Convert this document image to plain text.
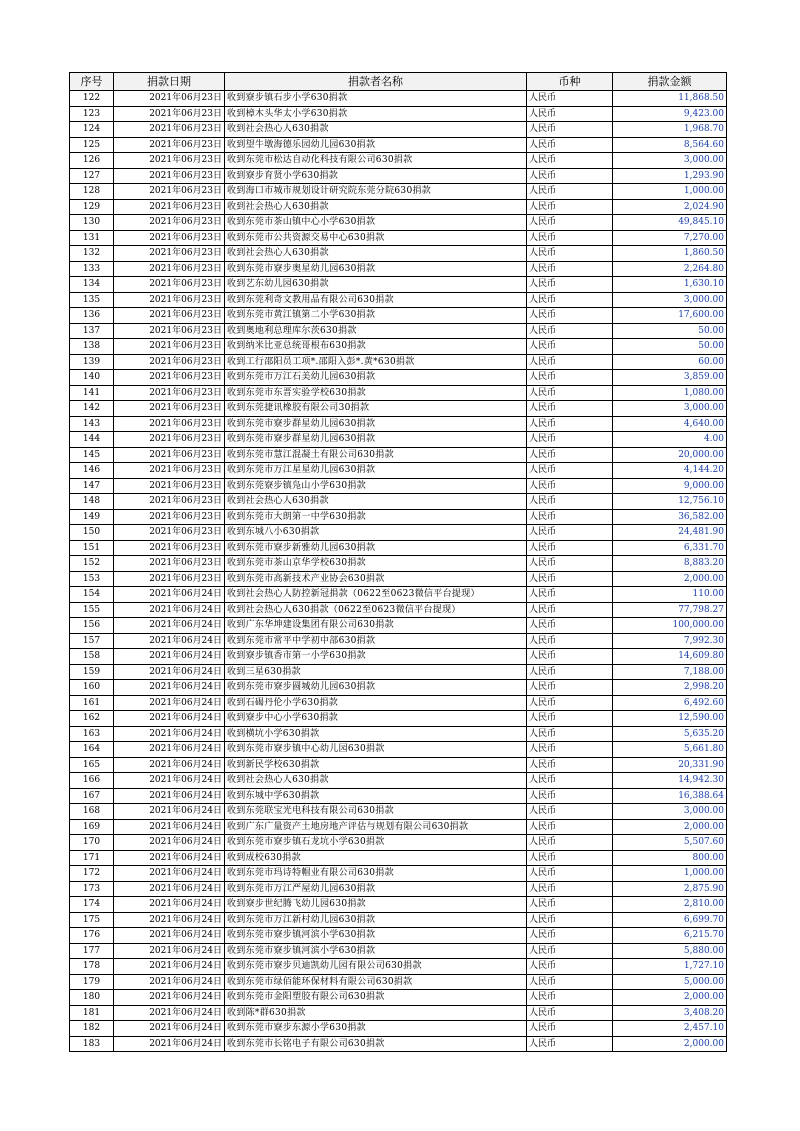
序号	捐款日期	捐款者名称	币种	捐款金额
122	2021年06月23日	收到寮步镇石步小学630捐款	人民币	11,868.50
123	2021年06月23日	收到樟木头华太小学630捐款	人民币	9,423.00
124	2021年06月23日	收到社会热心人630捐款	人民币	1,968.70
125	2021年06月23日	收到望牛墩海德乐园幼儿园630捐款	人民币	8,564.60
126	2021年06月23日	收到东莞市松达自动化科技有限公司630捐款	人民币	3,000.00
127	2021年06月23日	收到寮步育贤小学630捐款	人民币	1,293.90
128	2021年06月23日	收到海口市城市规划设计研究院东莞分院630捐款	人民币	1,000.00
129	2021年06月23日	收到社会热心人630捐款	人民币	2,024.90
130	2021年06月23日	收到东莞市茶山镇中心小学630捐款	人民币	49,845.10
131	2021年06月23日	收到东莞市公共资源交易中心630捐款	人民币	7,270.00
132	2021年06月23日	收到社会热心人630捐款	人民币	1,860.50
133	2021年06月23日	收到东莞市寮步奥星幼儿园630捐款	人民币	2,264.80
134	2021年06月23日	收到艺东幼儿园630捐款	人民币	1,630.10
135	2021年06月23日	收到东莞利奇文教用品有限公司630捐款	人民币	3,000.00
136	2021年06月23日	收到东莞市黄江镇第二小学630捐款	人民币	17,600.00
137	2021年06月23日	收到奥地利总理库尔茨630捐款	人民币	50.00
138	2021年06月23日	收到纳米比亚总统哥根布630捐款	人民币	50.00
139	2021年06月23日	收到工行邵阳员工项*.邵阳入彭*.黄*630捐款	人民币	60.00
140	2021年06月23日	收到东莞市万江石美幼儿园630捐款	人民币	3,859.00
141	2021年06月23日	收到东莞市东晋实验学校630捐款	人民币	1,080.00
142	2021年06月23日	收到东莞捷讯橡胶有限公司30捐款	人民币	3,000.00
143	2021年06月23日	收到东莞市寮步群星幼儿园630捐款	人民币	4,640.00
144	2021年06月23日	收到东莞市寮步群星幼儿园630捐款	人民币	4.00
145	2021年06月23日	收到东莞市慧江混凝土有限公司630捐款	人民币	20,000.00
146	2021年06月23日	收到东莞市万江星星幼儿园630捐款	人民币	4,144.20
147	2021年06月23日	收到东莞寮步镇凫山小学630捐款	人民币	9,000.00
148	2021年06月23日	收到社会热心人630捐款	人民币	12,756.10
149	2021年06月23日	收到东莞市大朗第一中学630捐款	人民币	36,582.00
150	2021年06月23日	收到东城八小630捐款	人民币	24,481.90
151	2021年06月23日	收到东莞市寮步新雅幼儿园630捐款	人民币	6,331.70
152	2021年06月23日	收到东莞市茶山京华学校630捐款	人民币	8,883.20
153	2021年06月23日	收到东莞市高新技术产业协会630捐款	人民币	2,000.00
154	2021年06月24日	收到社会热心人防控新冠捐款（0622至0623微信平台提现）	人民币	110.00
155	2021年06月24日	收到社会热心人630捐款（0622至0623微信平台提现）	人民币	77,798.27
156	2021年06月24日	收到广东华坤建设集团有限公司630捐款	人民币	100,000.00
157	2021年06月24日	收到东莞市常平中学初中部630捐款	人民币	7,992.30
158	2021年06月24日	收到寮步镇香市第一小学630捐款	人民币	14,609.80
159	2021年06月24日	收到三星630捐款	人民币	7,188.00
160	2021年06月24日	收到东莞市寮步圆城幼儿园630捐款	人民币	2,998.20
161	2021年06月24日	收到石碣丹伦小学630捐款	人民币	6,492.60
162	2021年06月24日	收到寮步中心小学630捐款	人民币	12,590.00
163	2021年06月24日	收到横坑小学630捐款	人民币	5,635.20
164	2021年06月24日	收到东莞市寮步镇中心幼儿园630捐款	人民币	5,661.80
165	2021年06月24日	收到新民学校630捐款	人民币	20,331.90
166	2021年06月24日	收到社会热心人630捐款	人民币	14,942.30
167	2021年06月24日	收到东城中学630捐款	人民币	16,388.64
168	2021年06月24日	收到东莞联宝光电科技有限公司630捐款	人民币	3,000.00
169	2021年06月24日	收到广东广量资产土地房地产评估与规划有限公司630捐款	人民币	2,000.00
170	2021年06月24日	收到东莞市寮步镇石龙坑小学630捐款	人民币	5,507.60
171	2021年06月24日	收到成校630捐款	人民币	800.00
172	2021年06月24日	收到东莞市玛诗特帽业有限公司630捐款	人民币	1,000.00
173	2021年06月24日	收到东莞市万江严屋幼儿园630捐款	人民币	2,875.90
174	2021年06月24日	收到寮步世纪腾飞幼儿园630捐款	人民币	2,810.00
175	2021年06月24日	收到东莞市万江新村幼儿园630捐款	人民币	6,699.70
176	2021年06月24日	收到东莞市寮步镇河滨小学630捐款	人民币	6,215.70
177	2021年06月24日	收到东莞市寮步镇河滨小学630捐款	人民币	5,880.00
178	2021年06月24日	收到东莞市寮步贝迪凯幼儿园有限公司630捐款	人民币	1,727.10
179	2021年06月24日	收到东莞市绿佰能环保材料有限公司630捐款	人民币	5,000.00
180	2021年06月24日	收到东莞市金阳塑胶有限公司630捐款	人民币	2,000.00
181	2021年06月24日	收到陈*群630捐款	人民币	3,408.20
182	2021年06月24日	收到东莞市寮步东源小学630捐款	人民币	2,457.10
183	2021年06月24日	收到东莞市长铭电子有限公司630捐款	人民币	2,000.00
